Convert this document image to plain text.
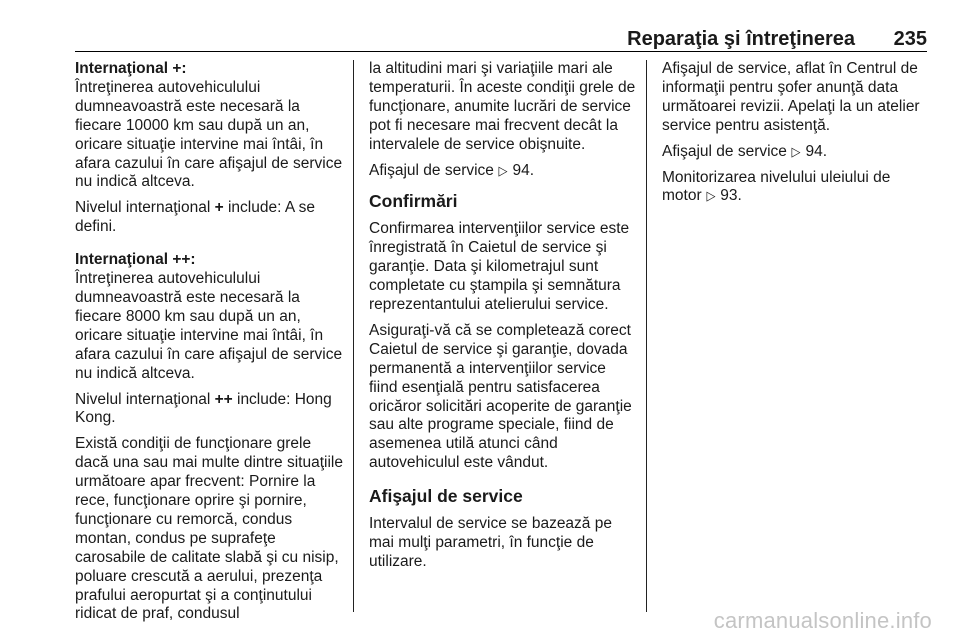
Reparaţia şi întreţinerea 235

Internaţional +:
Întreţinerea autovehiculului dumneavoastră este necesară la fiecare 10000 km sau după un an, oricare situaţie intervine mai întâi, în afara cazului în care afişajul de service nu indică altceva.

Nivelul internaţional + include: A se defini.

Internaţional ++:
Întreţinerea autovehiculului dumneavoastră este necesară la fiecare 8000 km sau după un an, oricare situaţie intervine mai întâi, în afara cazului în care afişajul de service nu indică altceva.

Nivelul internaţional ++ include: Hong Kong.

Există condiţii de funcţionare grele dacă una sau mai multe dintre situaţiile următoare apar frecvent: Pornire la rece, funcţionare oprire şi pornire, funcţionare cu remorcă, condus montan, condus pe suprafeţe carosabile de calitate slabă şi cu nisip, poluare crescută a aerului, prezenţa prafului aeropurtat şi a conţinutului ridicat de praf, condusul

la altitudini mari şi variaţiile mari ale temperaturii. În aceste condiţii grele de funcţionare, anumite lucrări de service pot fi necesare mai frecvent decât la intervalele de service obişnuite.

Afişajul de service ▷ 94.

Confirmări

Confirmarea intervenţiilor service este înregistrată în Caietul de service şi garanţie. Data şi kilometrajul sunt completate cu ştampila şi semnătura reprezentantului atelierului service.

Asiguraţi-vă că se completează corect Caietul de service şi garanţie, dovada permanentă a intervenţiilor service fiind esenţială pentru satisfacerea oricăror solicitări acoperite de garanţie sau alte programe speciale, fiind de asemenea utilă atunci când autovehiculul este vândut.

Afişajul de service

Intervalul de service se bazează pe mai mulţi parametri, în funcţie de utilizare.

Afişajul de service, aflat în Centrul de informaţii pentru şofer anunţă data următoarei revizii. Apelaţi la un atelier service pentru asistenţă.

Afişajul de service ▷ 94.

Monitorizarea nivelului uleiului de motor ▷ 93.

carmanualsonline.info
